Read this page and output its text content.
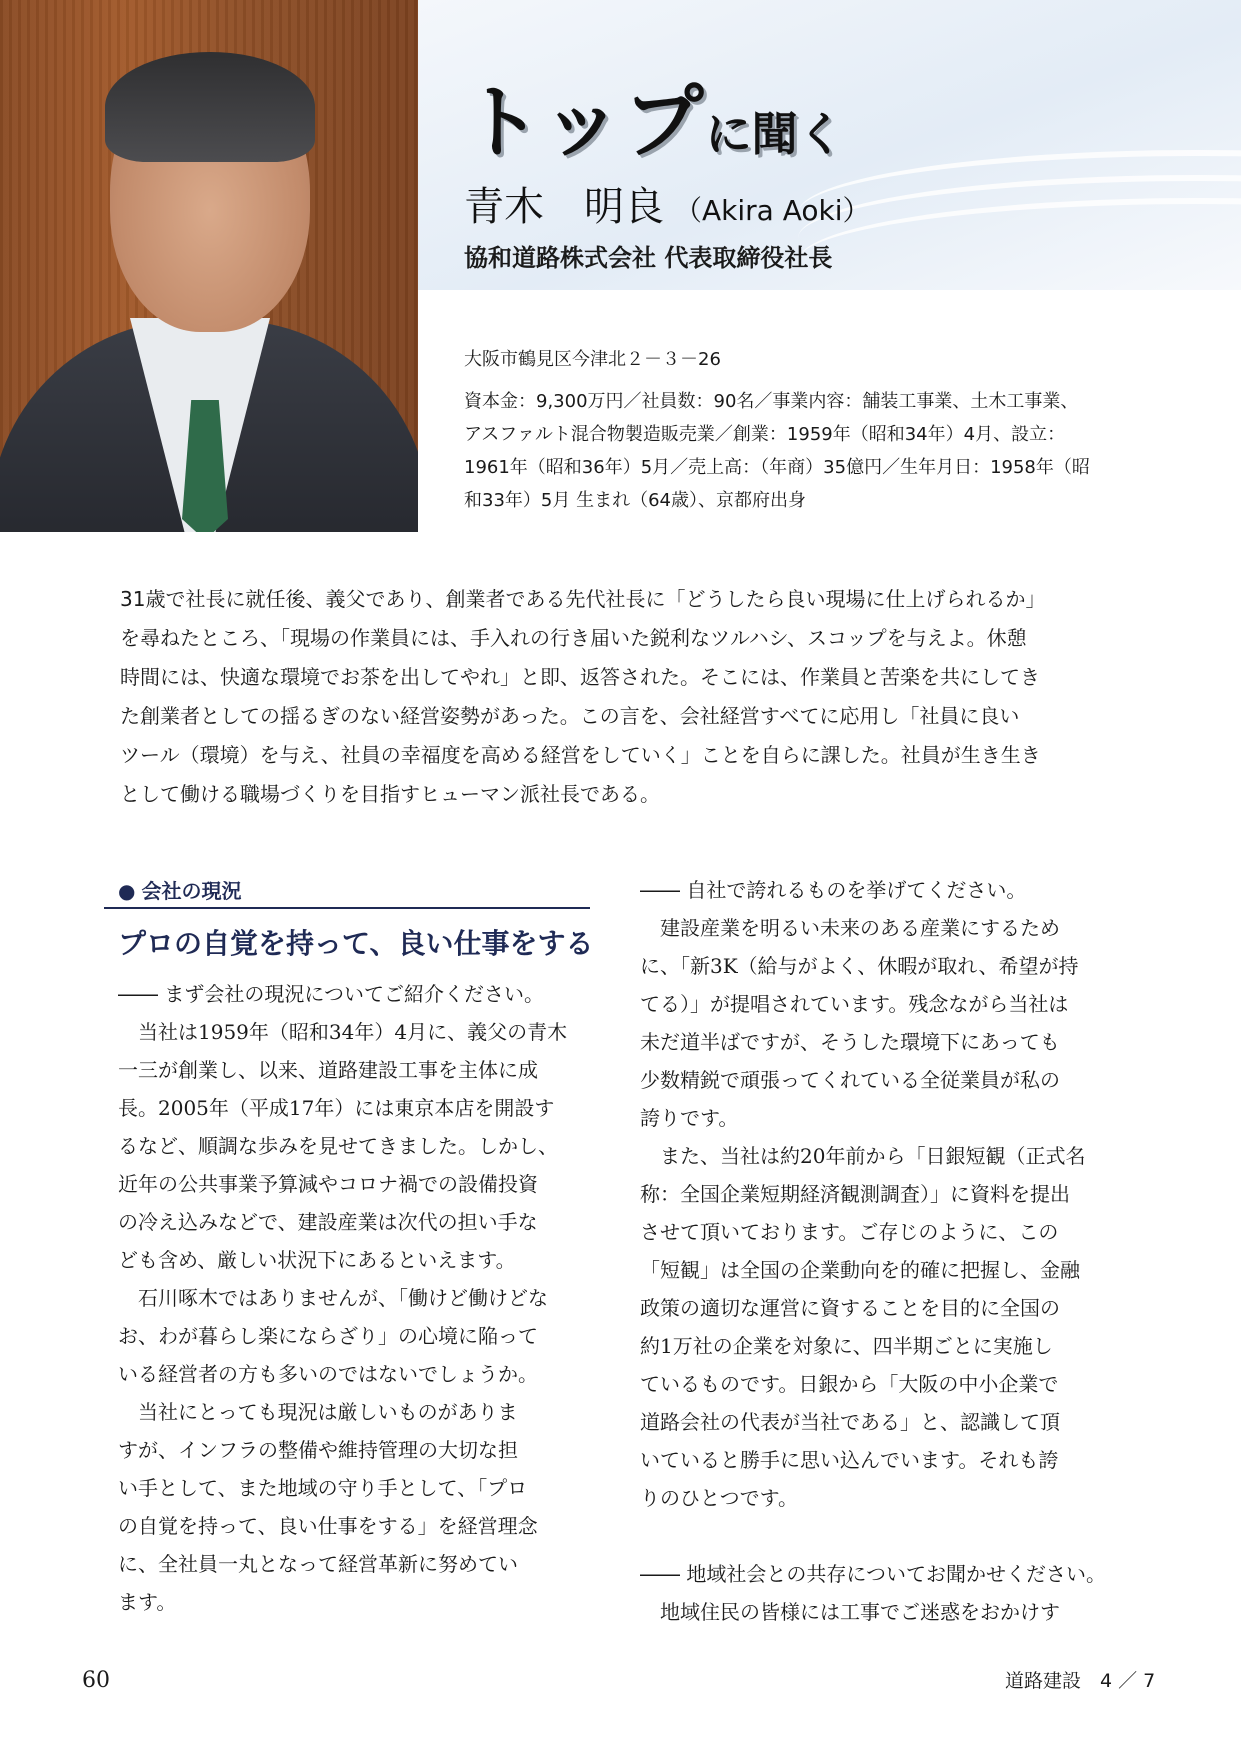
トップに聞く
青木　明良 （Akira Aoki）
協和道路株式会社 代表取締役社長
大阪市鶴見区今津北２－３－26
資本金：9,300万円／社員数：90名／事業内容：舗装工事業、土木工事業、
アスファルト混合物製造販売業／創業：1959年（昭和34年）4月、設立：
1961年（昭和36年）5月／売上高：（年商）35億円／生年月日：1958年（昭
和33年）5月 生まれ（64歳）、京都府出身
31歳で社長に就任後、義父であり、創業者である先代社長に「どうしたら良い現場に仕上げられるか」
を尋ねたところ、「現場の作業員には、手入れの行き届いた鋭利なツルハシ、スコップを与えよ。休憩
時間には、快適な環境でお茶を出してやれ」と即、返答された。そこには、作業員と苦楽を共にしてき
た創業者としての揺るぎのない経営姿勢があった。この言を、会社経営すべてに応用し「社員に良い
ツール（環境）を与え、社員の幸福度を高める経営をしていく」ことを自らに課した。社員が生き生き
として働ける職場づくりを目指すヒューマン派社長である。
● 会社の現況
プロの自覚を持って、良い仕事をする
―― まず会社の現況についてご紹介ください。
　当社は1959年（昭和34年）4月に、義父の青木
一三が創業し、以来、道路建設工事を主体に成
長。2005年（平成17年）には東京本店を開設す
るなど、順調な歩みを見せてきました。しかし、
近年の公共事業予算減やコロナ禍での設備投資
の冷え込みなどで、建設産業は次代の担い手な
ども含め、厳しい状況下にあるといえます。
　石川啄木ではありませんが、「働けど働けどな
お、わが暮らし楽にならざり」の心境に陥って
いる経営者の方も多いのではないでしょうか。
　当社にとっても現況は厳しいものがありま
すが、インフラの整備や維持管理の大切な担
い手として、また地域の守り手として、「プロ
の自覚を持って、良い仕事をする」を経営理念
に、全社員一丸となって経営革新に努めてい
ます。
―― 自社で誇れるものを挙げてください。
　建設産業を明るい未来のある産業にするため
に、「新3K（給与がよく、休暇が取れ、希望が持
てる）」が提唱されています。残念ながら当社は
未だ道半ばですが、そうした環境下にあっても
少数精鋭で頑張ってくれている全従業員が私の
誇りです。
　また、当社は約20年前から「日銀短観（正式名
称：全国企業短期経済観測調査）」に資料を提出
させて頂いております。ご存じのように、この
「短観」は全国の企業動向を的確に把握し、金融
政策の適切な運営に資することを目的に全国の
約1万社の企業を対象に、四半期ごとに実施し
ているものです。日銀から「大阪の中小企業で
道路会社の代表が当社である」と、認識して頂
いていると勝手に思い込んでいます。それも誇
りのひとつです。

―― 地域社会との共存についてお聞かせください。
　地域住民の皆様には工事でご迷惑をおかけす
60	道路建設　4 ／ 7
